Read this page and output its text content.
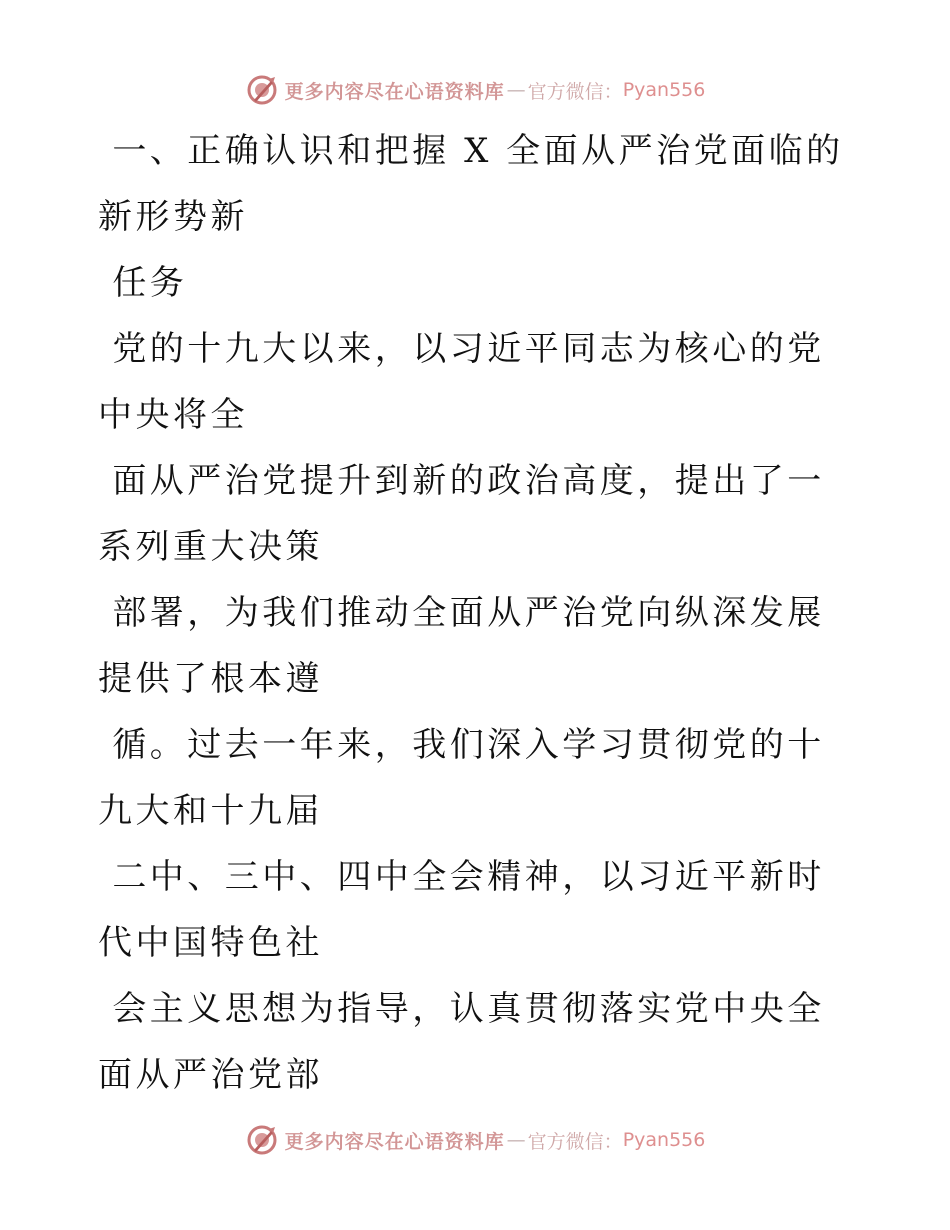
更多内容尽在心语资料库 — 官方微信： Pyan556

一、正确认识和把握 X 全面从严治党面临的新形势新

任务

党的十九大以来，以习近平同志为核心的党中央将全

面从严治党提升到新的政治高度，提出了一系列重大决策

部署，为我们推动全面从严治党向纵深发展提供了根本遵

循。过去一年来，我们深入学习贯彻党的十九大和十九届

二中、三中、四中全会精神，以习近平新时代中国特色社

会主义思想为指导，认真贯彻落实党中央全面从严治党部

更多内容尽在心语资料库 — 官方微信： Pyan556
